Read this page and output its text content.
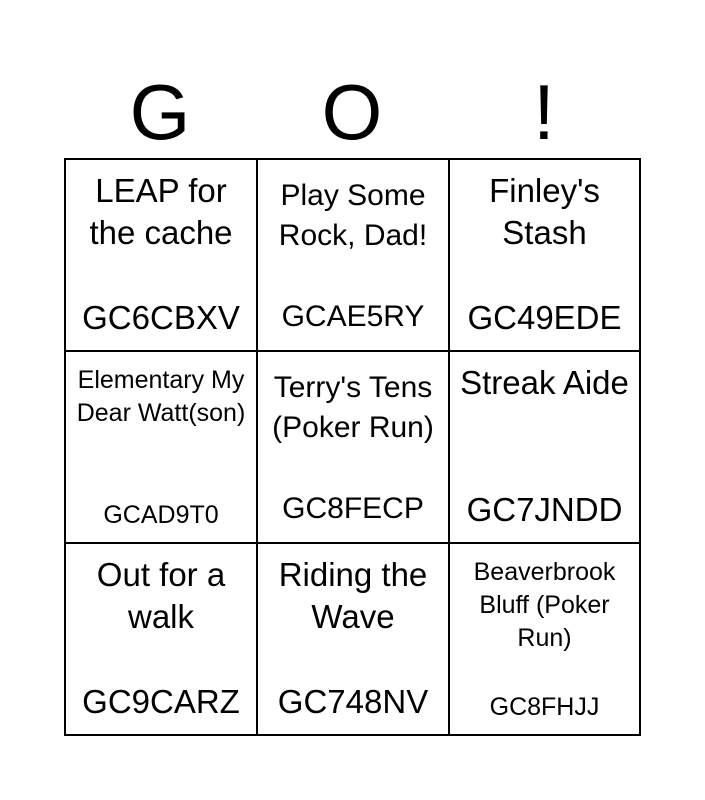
G	O	!
LEAP for the cache
GC6CBXV
Play Some Rock, Dad!
GCAE5RY
Finley's Stash
GC49EDE
Elementary My Dear Watt(son)
GCAD9T0
Terry's Tens (Poker Run)
GC8FECP
Streak Aide
GC7JNDD
Out for a walk
GC9CARZ
Riding the Wave
GC748NV
Beaverbrook Bluff (Poker Run)
GC8FHJJ
